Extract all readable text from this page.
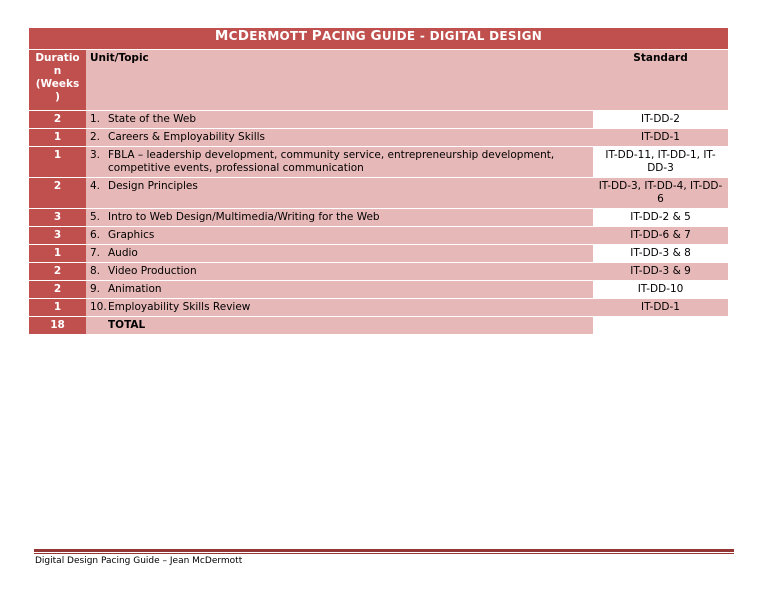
MCDERMOTT PACING GUIDE - DIGITAL DESIGN		
Duratio n (Weeks )	Unit/Topic	Standard
2	1. State of the Web	IT-DD-2
1	2. Careers & Employability Skills	IT-DD-1
1	3. FBLA – leadership development, community service, entrepreneurship development, competitive events, professional communication	IT-DD-11, IT-DD-1, IT-DD-3
2	4. Design Principles	IT-DD-3, IT-DD-4, IT-DD-6
3	5. Intro to Web Design/Multimedia/Writing for the Web	IT-DD-2 & 5
3	6. Graphics	IT-DD-6 & 7
1	7. Audio	IT-DD-3 & 8
2	8. Video Production	IT-DD-3 & 9
2	9. Animation	IT-DD-10
1	10. Employability Skills Review	IT-DD-1
18	TOTAL	

Digital Design Pacing Guide – Jean McDermott
